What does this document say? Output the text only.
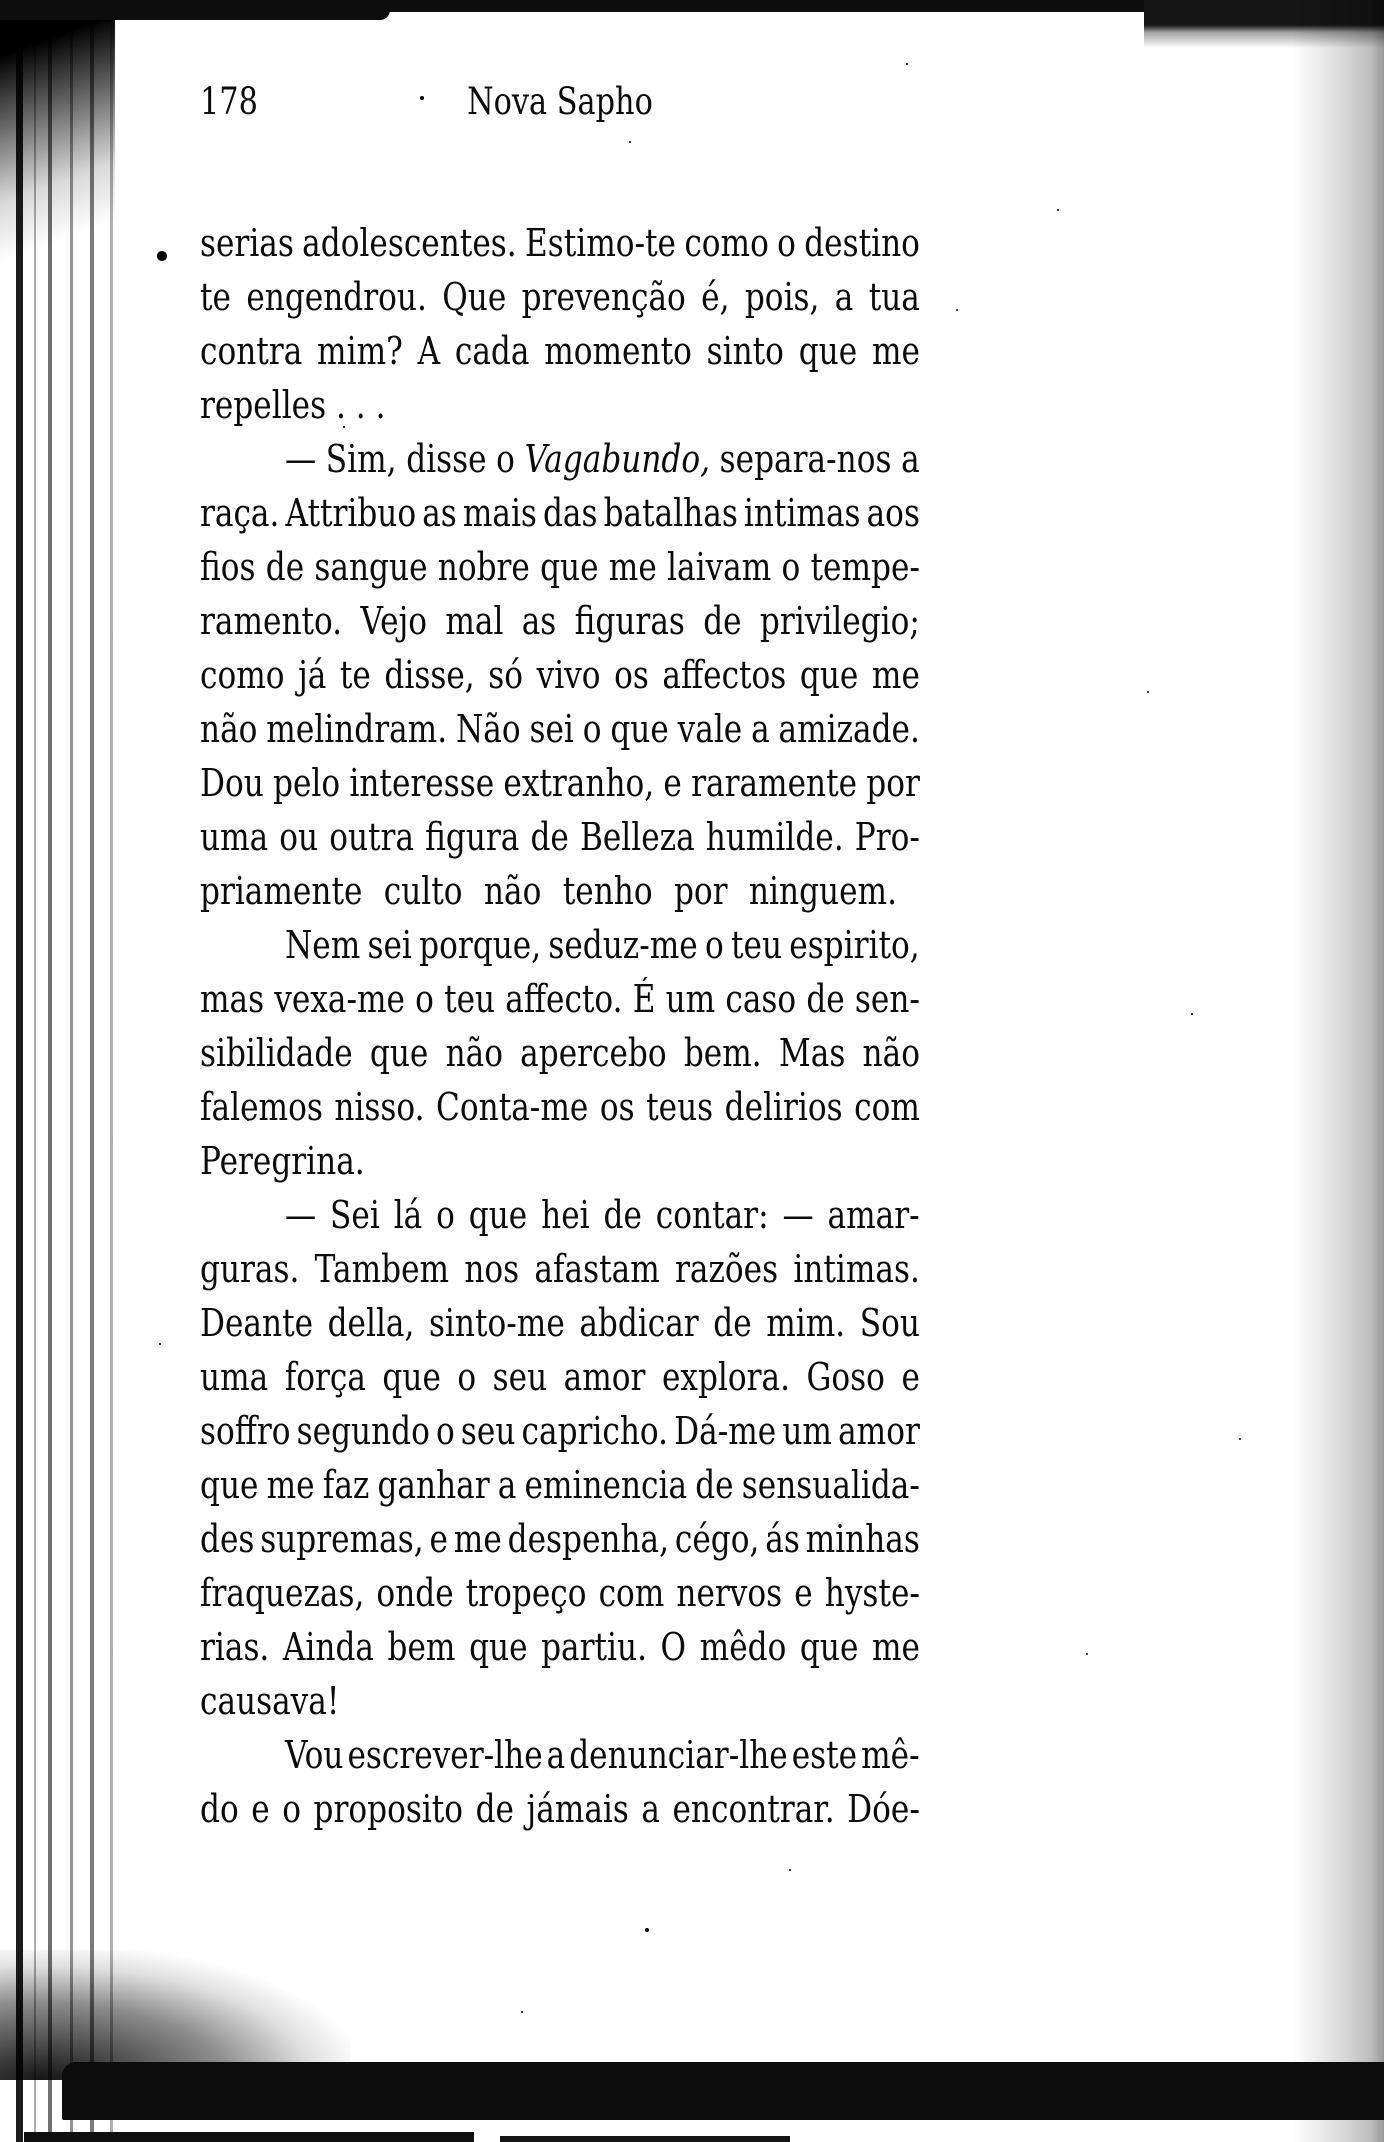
178	Nova Sapho
serias adolescentes. Estimo-te como o destino
te engendrou. Que prevenção é, pois, a tua
contra mim? A cada momento sinto que me
repelles . . .
— Sim, disse o Vagabundo, separa-nos a
raça. Attribuo as mais das batalhas intimas aos
fios de sangue nobre que me laivam o tempe-
ramento. Vejo mal as figuras de privilegio;
como já te disse, só vivo os affectos que me
não melindram. Não sei o que vale a amizade.
Dou pelo interesse extranho, e raramente por
uma ou outra figura de Belleza humilde. Pro-
priamente culto não tenho por ninguem.
Nem sei porque, seduz-me o teu espirito,
mas vexa-me o teu affecto. É um caso de sen-
sibilidade que não apercebo bem. Mas não
falemos nisso. Conta-me os teus delirios com
Peregrina.
— Sei lá o que hei de contar: — amar-
guras. Tambem nos afastam razões intimas.
Deante della, sinto-me abdicar de mim. Sou
uma força que o seu amor explora. Goso e
soffro segundo o seu capricho. Dá-me um amor
que me faz ganhar a eminencia de sensualida-
des supremas, e me despenha, cégo, ás minhas
fraquezas, onde tropeço com nervos e hyste-
rias. Ainda bem que partiu. O mêdo que me
causava!
Vou escrever-lhe a denunciar-lhe este mê-
do e o proposito de jámais a encontrar. Dóe-
